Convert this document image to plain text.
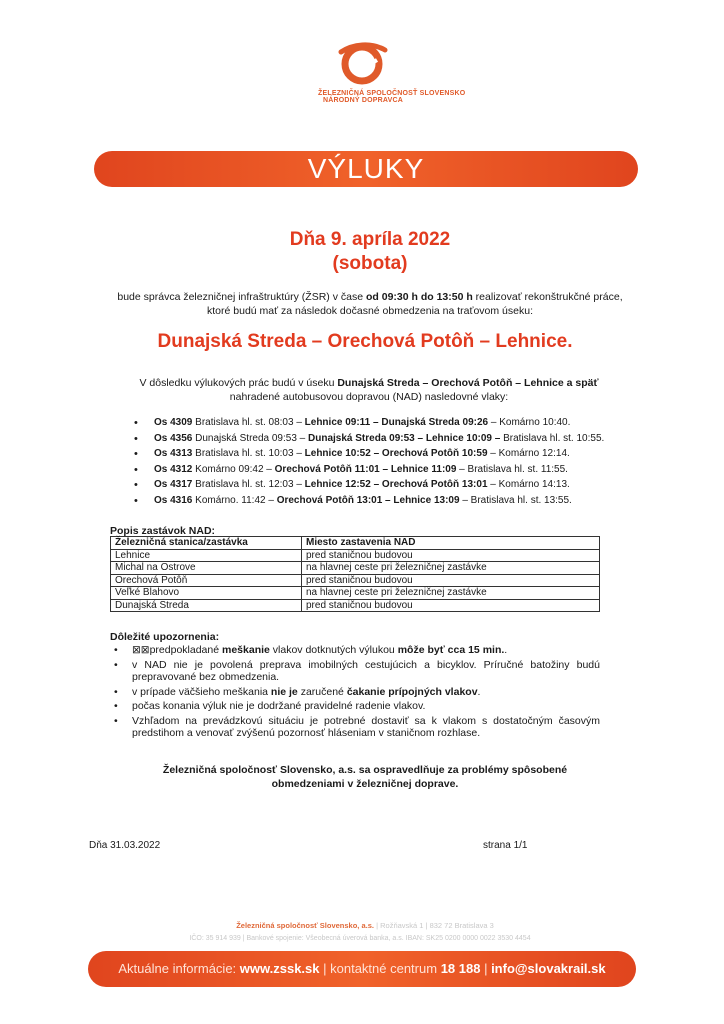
ŽELEZNIČNÁ SPOLOČNOSŤ SLOVENSKO
NÁRODNÝ DOPRAVCA
VÝLUKY
Dňa 9. apríla 2022
(sobota)
bude správca železničnej infraštruktúry (ŽSR) v čase od 09:30 h do 13:50 h realizovať rekonštrukčné práce, ktoré budú mať za následok dočasné obmedzenia na traťovom úseku:
Dunajská Streda – Orechová Potôň – Lehnice.
V dôsledku výlukových prác budú v úseku Dunajská Streda – Orechová Potôň – Lehnice a späť nahradené autobusovou dopravou (NAD) nasledovné vlaky:
• Os 4309 Bratislava hl. st. 08:03 – Lehnice 09:11 – Dunajská Streda 09:26 – Komárno 10:40.
• Os 4356 Dunajská Streda 09:53 – Dunajská Streda 09:53 – Lehnice 10:09 – Bratislava hl. st. 10:55.
• Os 4313 Bratislava hl. st. 10:03 – Lehnice 10:52 – Orechová Potôň 10:59 – Komárno 12:14.
• Os 4312 Komárno 09:42 – Orechová Potôň 11:01 – Lehnice 11:09 – Bratislava hl. st. 11:55.
• Os 4317 Bratislava hl. st. 12:03 – Lehnice 12:52 – Orechová Potôň 13:01 – Komárno 14:13.
• Os 4316 Komárno. 11:42 – Orechová Potôň 13:01 – Lehnice 13:09 – Bratislava hl. st. 13:55.
Popis zastávok NAD:
Železničná stanica/zastávka	Miesto zastavenia NAD
Lehnice	pred staničnou budovou
Michal na Ostrove	na hlavnej ceste pri železničnej zastávke
Orechová Potôň	pred staničnou budovou
Veľké Blahovo	na hlavnej ceste pri železničnej zastávke
Dunajská Streda	pred staničnou budovou
Dôležité upozornenia:
• ⊠⊠predpokladané meškanie vlakov dotknutých výlukou môže byť cca 15 min..
• v NAD nie je povolená preprava imobilných cestujúcich a bicyklov. Príručné batožiny budú prepravované bez obmedzenia.
• v prípade väčšieho meškania nie je zaručené čakanie prípojných vlakov.
• počas konania výluk nie je dodržané pravidelné radenie vlakov.
• Vzhľadom na prevádzkovú situáciu je potrebné dostaviť sa k vlakom s dostatočným časovým predstihom a venovať zvýšenú pozornosť hláseniam v staničnom rozhlase.
Železničná spoločnosť Slovensko, a.s. sa ospravedlňuje za problémy spôsobené obmedzeniami v železničnej doprave.
Dňa 31.03.2022	strana 1/1
Železničná spoločnosť Slovensko, a.s. | Rožňavská 1 | 832 72 Bratislava 3
IČO: 35 914 939 | Bankové spojenie: Všeobecná úverová banka, a.s. IBAN: SK25 0200 0000 0022 3530 4454
Aktuálne informácie: www.zssk.sk | kontaktné centrum 18 188 | info@slovakrail.sk
